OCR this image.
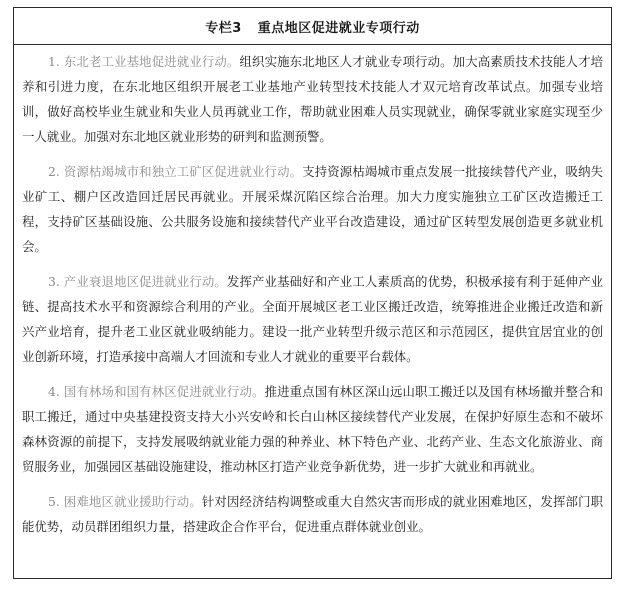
专栏3 重点地区促进就业专项行动

1. 东北老工业基地促进就业行动。组织实施东北地区人才就业专项行动。加大高素质技术技能人才培养和引进力度，在东北地区组织开展老工业基地产业转型技术技能人才双元培育改革试点。加强专业培训，做好高校毕业生就业和失业人员再就业工作，帮助就业困难人员实现就业，确保零就业家庭实现至少一人就业。加强对东北地区就业形势的研判和监测预警。

2. 资源枯竭城市和独立工矿区促进就业行动。支持资源枯竭城市重点发展一批接续替代产业，吸纳失业矿工、棚户区改造回迁居民再就业。开展采煤沉陷区综合治理。加大力度实施独立工矿区改造搬迁工程，支持矿区基础设施、公共服务设施和接续替代产业平台改造建设，通过矿区转型发展创造更多就业机会。

3. 产业衰退地区促进就业行动。发挥产业基础好和产业工人素质高的优势，积极承接有利于延伸产业链、提高技术水平和资源综合利用的产业。全面开展城区老工业区搬迁改造，统筹推进企业搬迁改造和新兴产业培育，提升老工业区就业吸纳能力。建设一批产业转型升级示范区和示范园区，提供宜居宜业的创业创新环境，打造承接中高端人才回流和专业人才就业的重要平台载体。

4. 国有林场和国有林区促进就业行动。推进重点国有林区深山远山职工搬迁以及国有林场撤并整合和职工搬迁，通过中央基建投资支持大小兴安岭和长白山林区接续替代产业发展，在保护好原生态和不破坏森林资源的前提下，支持发展吸纳就业能力强的种养业、林下特色产业、北药产业、生态文化旅游业、商贸服务业，加强园区基础设施建设，推动林区打造产业竞争新优势，进一步扩大就业和再就业。

5. 困难地区就业援助行动。针对因经济结构调整或重大自然灾害而形成的就业困难地区，发挥部门职能优势，动员群团组织力量，搭建政企合作平台，促进重点群体就业创业。
